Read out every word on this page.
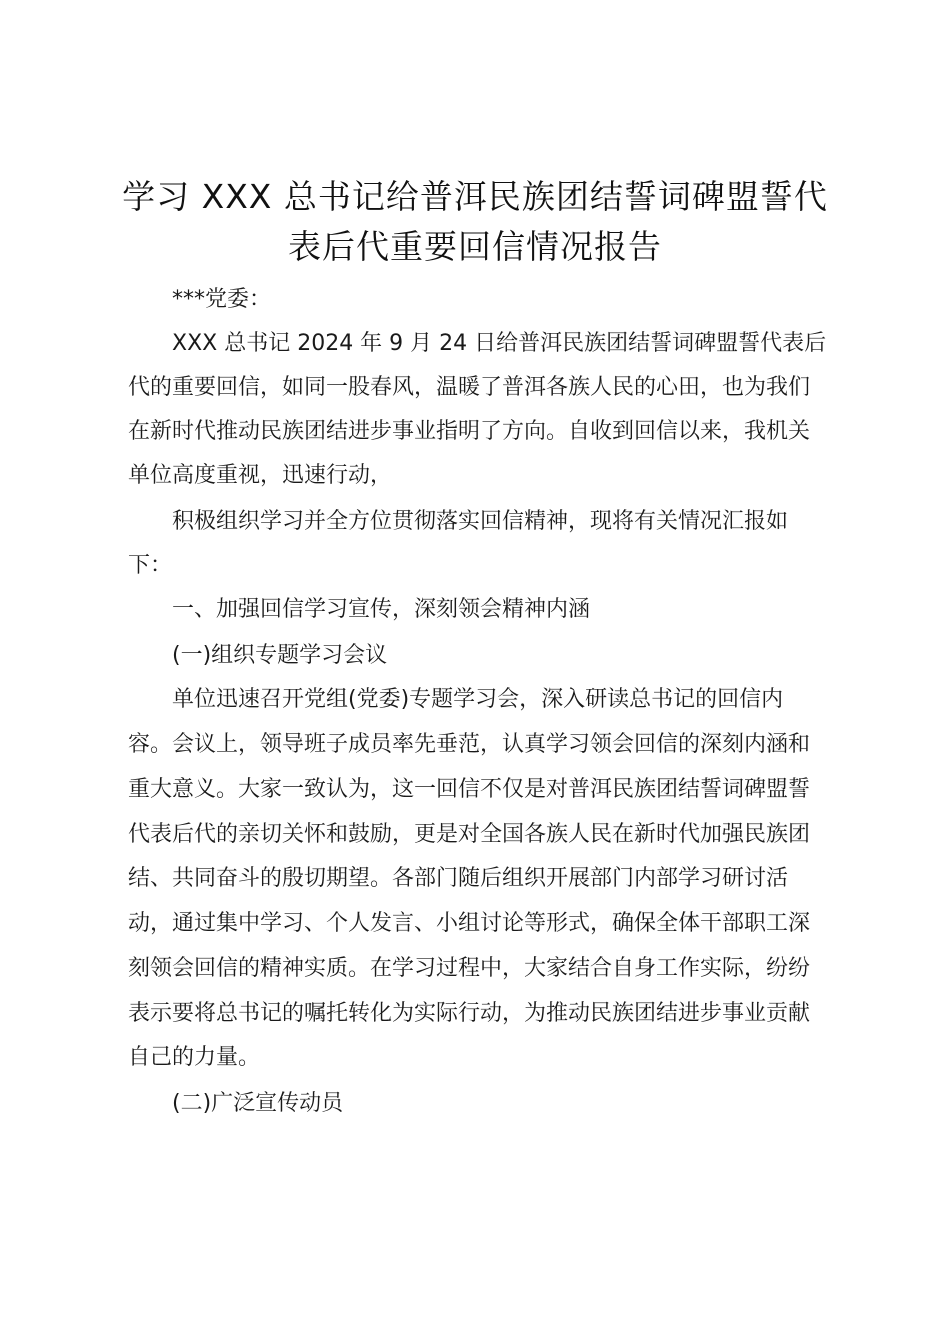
学习 XXX 总书记给普洱民族团结誓词碑盟誓代
表后代重要回信情况报告

***党委：

XXX 总书记 2024 年 9 月 24 日给普洱民族团结誓词碑盟誓代表后

代的重要回信，如同一股春风，温暖了普洱各族人民的心田，也为我们

在新时代推动民族团结进步事业指明了方向。自收到回信以来，我机关

单位高度重视，迅速行动，

积极组织学习并全方位贯彻落实回信精神，现将有关情况汇报如

下：

一、加强回信学习宣传，深刻领会精神内涵

(一)组织专题学习会议

单位迅速召开党组(党委)专题学习会，深入研读总书记的回信内

容。会议上，领导班子成员率先垂范，认真学习领会回信的深刻内涵和

重大意义。大家一致认为，这一回信不仅是对普洱民族团结誓词碑盟誓

代表后代的亲切关怀和鼓励，更是对全国各族人民在新时代加强民族团

结、共同奋斗的殷切期望。各部门随后组织开展部门内部学习研讨活

动，通过集中学习、个人发言、小组讨论等形式，确保全体干部职工深

刻领会回信的精神实质。在学习过程中，大家结合自身工作实际，纷纷

表示要将总书记的嘱托转化为实际行动，为推动民族团结进步事业贡献

自己的力量。

(二)广泛宣传动员
